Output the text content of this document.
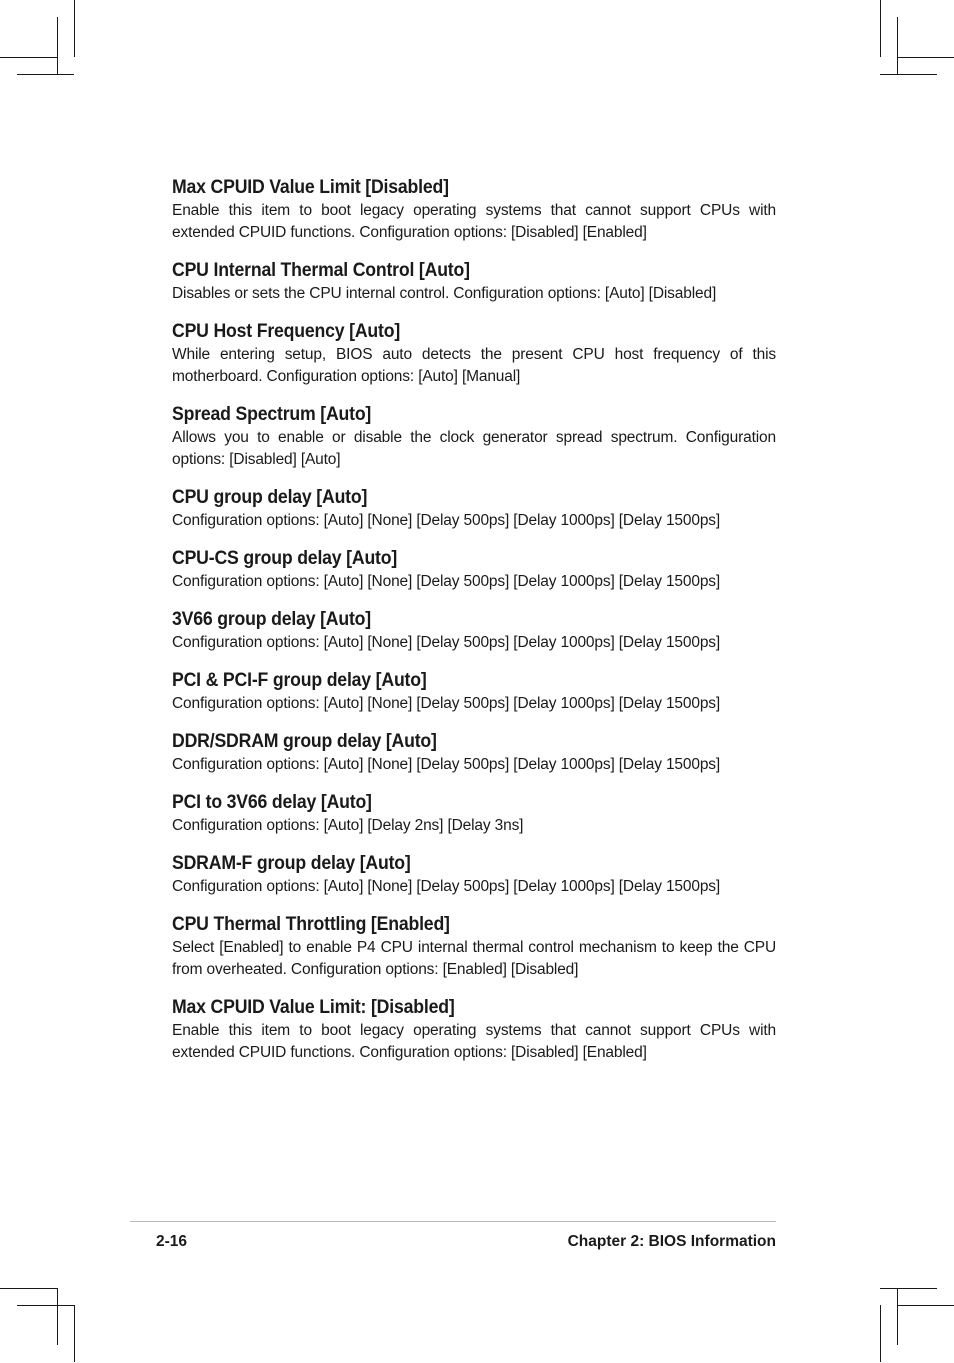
Max CPUID Value Limit [Disabled]

Enable this item to boot legacy operating systems that cannot support CPUs with extended CPUID functions. Configuration options: [Disabled] [Enabled]

CPU Internal Thermal Control [Auto]

Disables or sets the CPU internal control. Configuration options: [Auto] [Disabled]

CPU Host Frequency [Auto]

While entering setup, BIOS auto detects the present CPU host frequency of this motherboard. Configuration options: [Auto] [Manual]

Spread Spectrum [Auto]

Allows you to enable or disable the clock generator spread spectrum. Configuration options: [Disabled] [Auto]

CPU group delay [Auto]

Configuration options: [Auto] [None] [Delay 500ps] [Delay 1000ps] [Delay 1500ps]

CPU-CS group delay [Auto]

Configuration options: [Auto] [None] [Delay 500ps] [Delay 1000ps] [Delay 1500ps]

3V66 group delay [Auto]

Configuration options: [Auto] [None] [Delay 500ps] [Delay 1000ps] [Delay 1500ps]

PCI & PCI-F group delay [Auto]

Configuration options: [Auto] [None] [Delay 500ps] [Delay 1000ps] [Delay 1500ps]

DDR/SDRAM group delay [Auto]

Configuration options: [Auto] [None] [Delay 500ps] [Delay 1000ps] [Delay 1500ps]

PCI to 3V66 delay [Auto]

Configuration options: [Auto] [Delay 2ns] [Delay 3ns]

SDRAM-F group delay [Auto]

Configuration options: [Auto] [None] [Delay 500ps] [Delay 1000ps] [Delay 1500ps]

CPU Thermal Throttling [Enabled]

Select [Enabled] to enable P4 CPU internal thermal control mechanism to keep the CPU from overheated. Configuration options: [Enabled] [Disabled]

Max CPUID Value Limit: [Disabled]

Enable this item to boot legacy operating systems that cannot support CPUs with extended CPUID functions. Configuration options: [Disabled] [Enabled]

2-16	Chapter 2: BIOS Information
